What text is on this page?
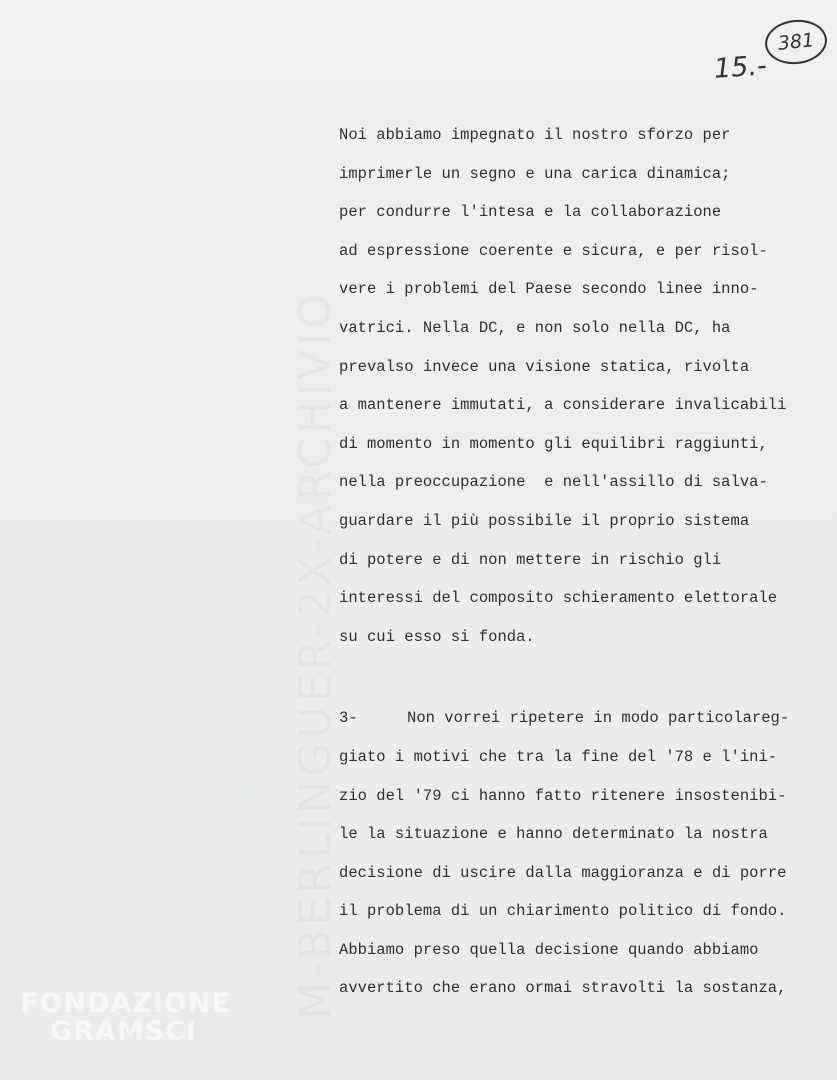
M-BERLINGUER-2X-ARCHIVIO
381
15.-
Noi abbiamo impegnato il nostro sforzo per
imprimerle un segno e una carica dinamica;
per condurre l'intesa e la collaborazione
ad espressione coerente e sicura, e per risol-
vere i problemi del Paese secondo linee inno-
vatrici. Nella DC, e non solo nella DC, ha
prevalso invece una visione statica, rivolta
a mantenere immutati, a considerare invalicabili
di momento in momento gli equilibri raggiunti,
nella preoccupazione  e nell'assillo di salva-
guardare il più possibile il proprio sistema
di potere e di non mettere in rischio gli
interessi del composito schieramento elettorale
su cui esso si fonda.
3-	Non vorrei ripetere in modo particolareg-
giato i motivi che tra la fine del '78 e l'ini-
zio del '79 ci hanno fatto ritenere insostenibi-
le la situazione e hanno determinato la nostra
decisione di uscire dalla maggioranza e di porre
il problema di un chiarimento politico di fondo.
Abbiamo preso quella decisione quando abbiamo
avvertito che erano ormai stravolti la sostanza,
FONDAZIONE
GRAMSCI
